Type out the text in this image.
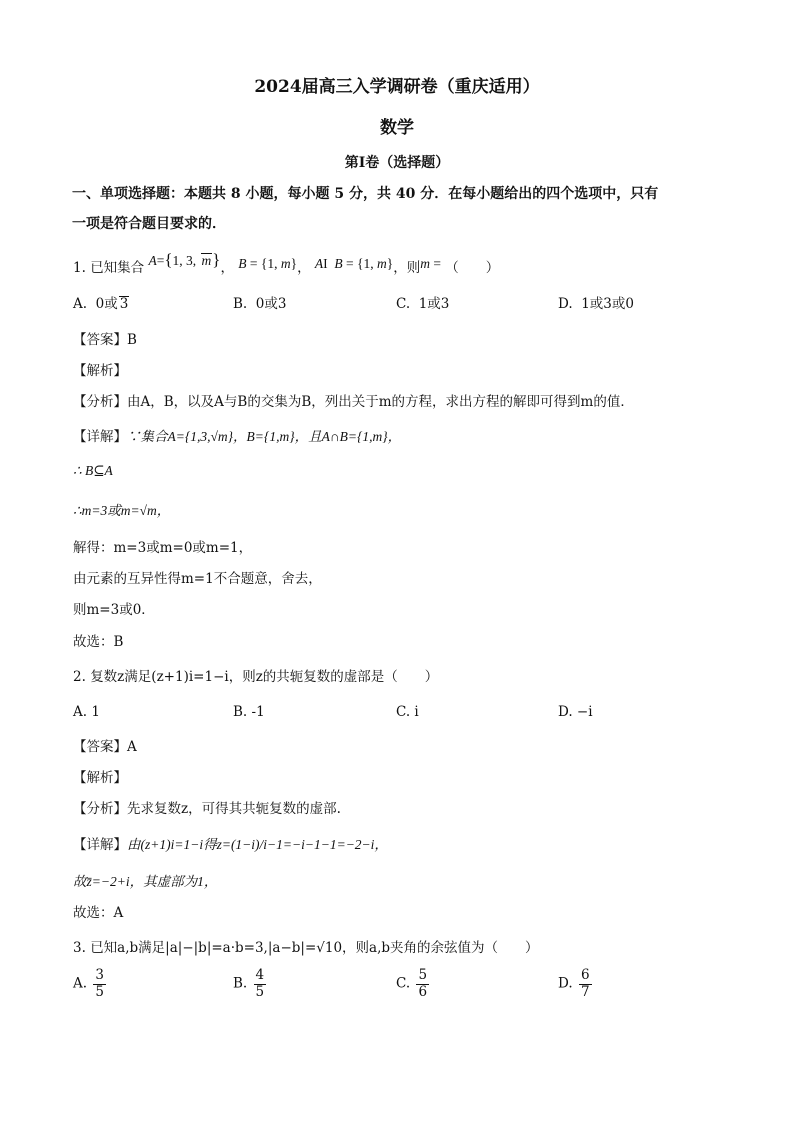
2024届高三入学调研卷（重庆适用）
数学
第Ⅰ卷（选择题）
一、单项选择题：本题共 8 小题，每小题 5 分，共 40 分．在每小题给出的四个选项中，只有
一项是符合题目要求的．
1. 已知集合 A={1, 3, m}， B = {1, m}， AI  B = {1, m}，则m = （　　）
A.  0或 3	B.  0或3	C.  1或3	D.  1或3或0
【答案】B
【解析】
【分析】由A，B，以及A与B的交集为B，列出关于m的方程，求出方程的解即可得到m的值．
【详解】∵集合A={1,3,√m}，B={1,m}，且A∩B={1,m}，
∴ B⊆A
∴m=3或m=√m，
解得：m=3或m=0或m=1，
由元素的互异性得m=1不合题意，舍去，
则m=3或0．
故选：B
2. 复数z满足(z+1)i=1−i，则z的共轭复数的虚部是（　　）
A. 1	B. -1	C. i	D. −i
【答案】A
【解析】
【分析】先求复数z，可得其共轭复数的虚部.
【详解】由(z+1)i=1−i得z=(1−i)/i−1=−i−1−1=−2−i，
故z̄=−2+i，其虚部为1，
故选：A
3. 已知a,b满足|a|−|b|=a·b=3,|a−b|=√10，则a,b夹角的余弦值为（　　）
A. $\frac{3}{5}$	B. $\frac{4}{5}$	C. $\frac{5}{6}$	D. $\frac{6}{7}$
